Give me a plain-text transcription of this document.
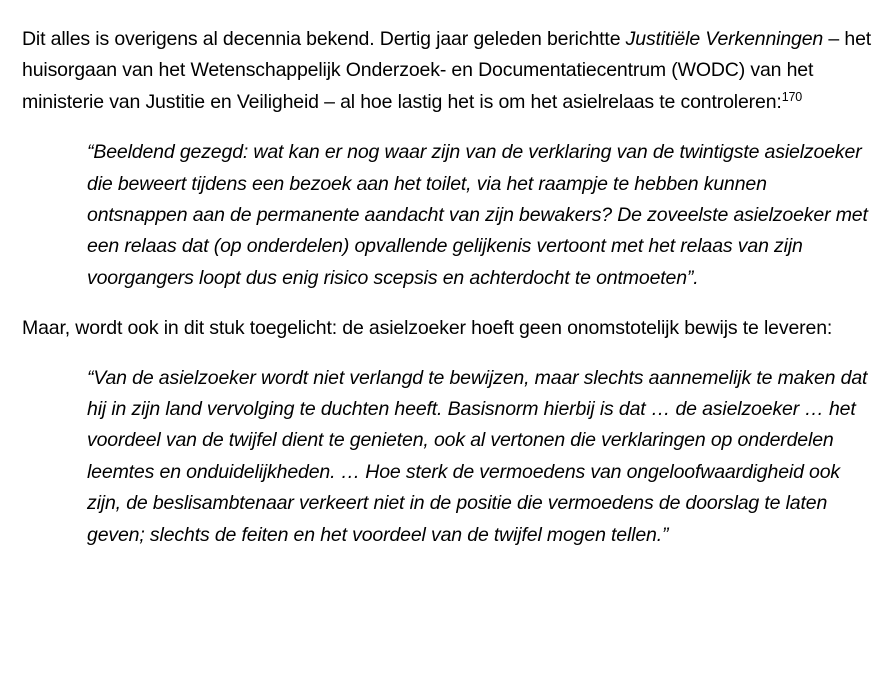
Dit alles is overigens al decennia bekend. Dertig jaar geleden berichtte Justitiële Verkenningen – het huisorgaan van het Wetenschappelijk Onderzoek- en Documentatiecentrum (WODC) van het ministerie van Justitie en Veiligheid – al hoe lastig het is om het asielrelaas te controleren:$^{170}$

“Beeldend gezegd: wat kan er nog waar zijn van de verklaring van de twintigste asielzoeker die beweert tijdens een bezoek aan het toilet, via het raampje te hebben kunnen ontsnappen aan de permanente aandacht van zijn bewakers? De zoveelste asielzoeker met een relaas dat (op onderdelen) opvallende gelijkenis vertoont met het relaas van zijn voorgangers loopt dus enig risico scepsis en achterdocht te ontmoeten”.

Maar, wordt ook in dit stuk toegelicht: de asielzoeker hoeft geen onomstotelijk bewijs te leveren:

“Van de asielzoeker wordt niet verlangd te bewijzen, maar slechts aannemelijk te maken dat hij in zijn land vervolging te duchten heeft. Basisnorm hierbij is dat … de asielzoeker … het voordeel van de twijfel dient te genieten, ook al vertonen die verklaringen op onderdelen leemtes en onduidelijkheden. … Hoe sterk de vermoedens van ongeloofwaardigheid ook zijn, de beslisambtenaar verkeert niet in de positie die vermoedens de doorslag te laten geven; slechts de feiten en het voordeel van de twijfel mogen tellen.”
